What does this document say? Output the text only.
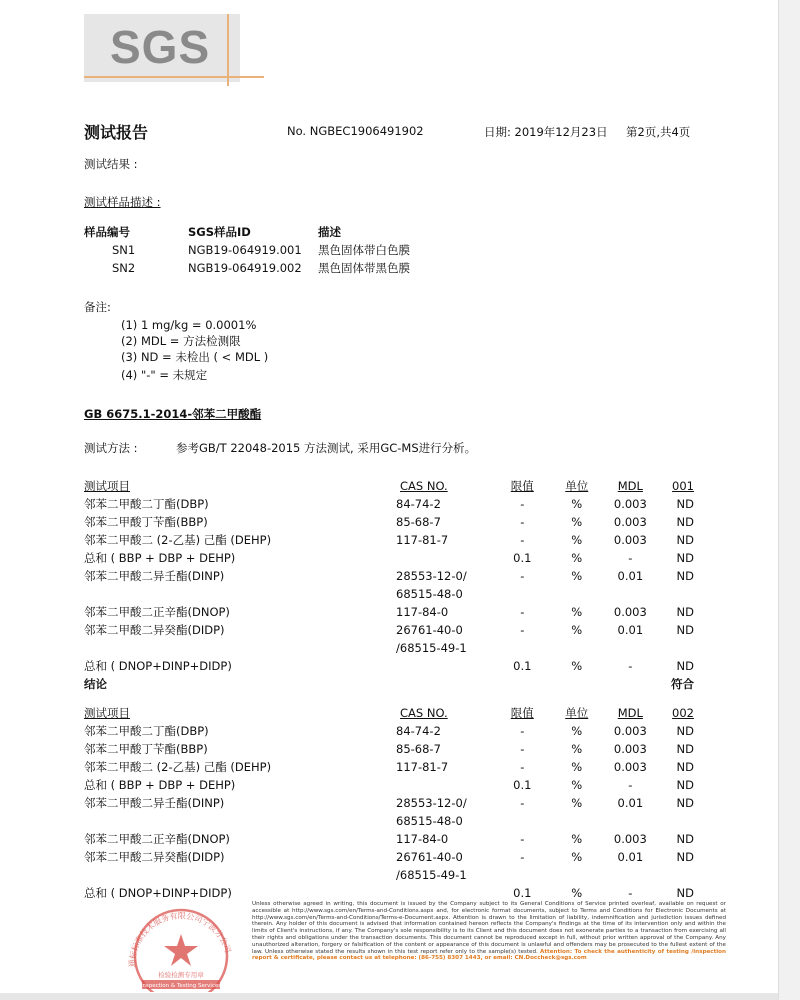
SGS
测试报告	No. NGBEC1906491902	日期: 2019年12月23日 第2页,共4页
测试结果 :
测试样品描述 :
样品编号	SGS样品ID	描述
SN1	NGB19-064919.001	黑色固体带白色膜
SN2	NGB19-064919.002	黑色固体带黑色膜
备注:
(1) 1 mg/kg = 0.0001%
(2) MDL = 方法检测限
(3) ND = 未检出 ( < MDL )
(4) "-" = 未规定
GB 6675.1-2014-邻苯二甲酸酯
测试方法 :	参考GB/T 22048-2015 方法测试, 采用GC-MS进行分析。
测试项目	CAS NO.	限值	单位	MDL	001
邻苯二甲酸二丁酯(DBP)	84-74-2	-	%	0.003	ND
邻苯二甲酸丁苄酯(BBP)	85-68-7	-	%	0.003	ND
邻苯二甲酸二 (2-乙基) 己酯 (DEHP)	117-81-7	-	%	0.003	ND
总和 ( BBP + DBP + DEHP)		0.1	%	-	ND
邻苯二甲酸二异壬酯(DINP)	28553-12-0/	-	%	0.01	ND
	68515-48-0				
邻苯二甲酸二正辛酯(DNOP)	117-84-0	-	%	0.003	ND
邻苯二甲酸二异癸酯(DIDP)	26761-40-0	-	%	0.01	ND
	/68515-49-1				
总和 ( DNOP+DINP+DIDP)		0.1	%	-	ND
结论					符合
测试项目	CAS NO.	限值	单位	MDL	002
邻苯二甲酸二丁酯(DBP)	84-74-2	-	%	0.003	ND
邻苯二甲酸丁苄酯(BBP)	85-68-7	-	%	0.003	ND
邻苯二甲酸二 (2-乙基) 己酯 (DEHP)	117-81-7	-	%	0.003	ND
总和 ( BBP + DBP + DEHP)		0.1	%	-	ND
邻苯二甲酸二异壬酯(DINP)	28553-12-0/	-	%	0.01	ND
	68515-48-0				
邻苯二甲酸二正辛酯(DNOP)	117-84-0	-	%	0.003	ND
邻苯二甲酸二异癸酯(DIDP)	26761-40-0	-	%	0.01	ND
	/68515-49-1				
总和 ( DNOP+DINP+DIDP)		0.1	%	-	ND
通标标准技术服务有限公司宁波分公司
检验检测专用章
Inspection & Testing Services
Unless otherwise agreed in writing, this document is issued by the Company subject to its General Conditions of Service printed overleaf, available on request or accessible at http://www.sgs.com/en/Terms-and-Conditions.aspx and, for electronic format documents, subject to Terms and Conditions for Electronic Documents at http://www.sgs.com/en/Terms-and-Conditions/Terms-e-Document.aspx. Attention is drawn to the limitation of liability, indemnification and jurisdiction issues defined therein. Any holder of this document is advised that information contained hereon reflects the Company's findings at the time of its intervention only and within the limits of Client's instructions, if any. The Company's sole responsibility is to its Client and this document does not exonerate parties to a transaction from exercising all their rights and obligations under the transaction documents. This document cannot be reproduced except in full, without prior written approval of the Company. Any unauthorized alteration, forgery or falsification of the content or appearance of this document is unlawful and offenders may be prosecuted to the fullest extent of the law. Unless otherwise stated the results shown in this test report refer only to the sample(s) tested. Attention: To check the authenticity of testing /inspection report & certificate, please contact us at telephone: (86-755) 8307 1443, or email: CN.Doccheck@sgs.com
